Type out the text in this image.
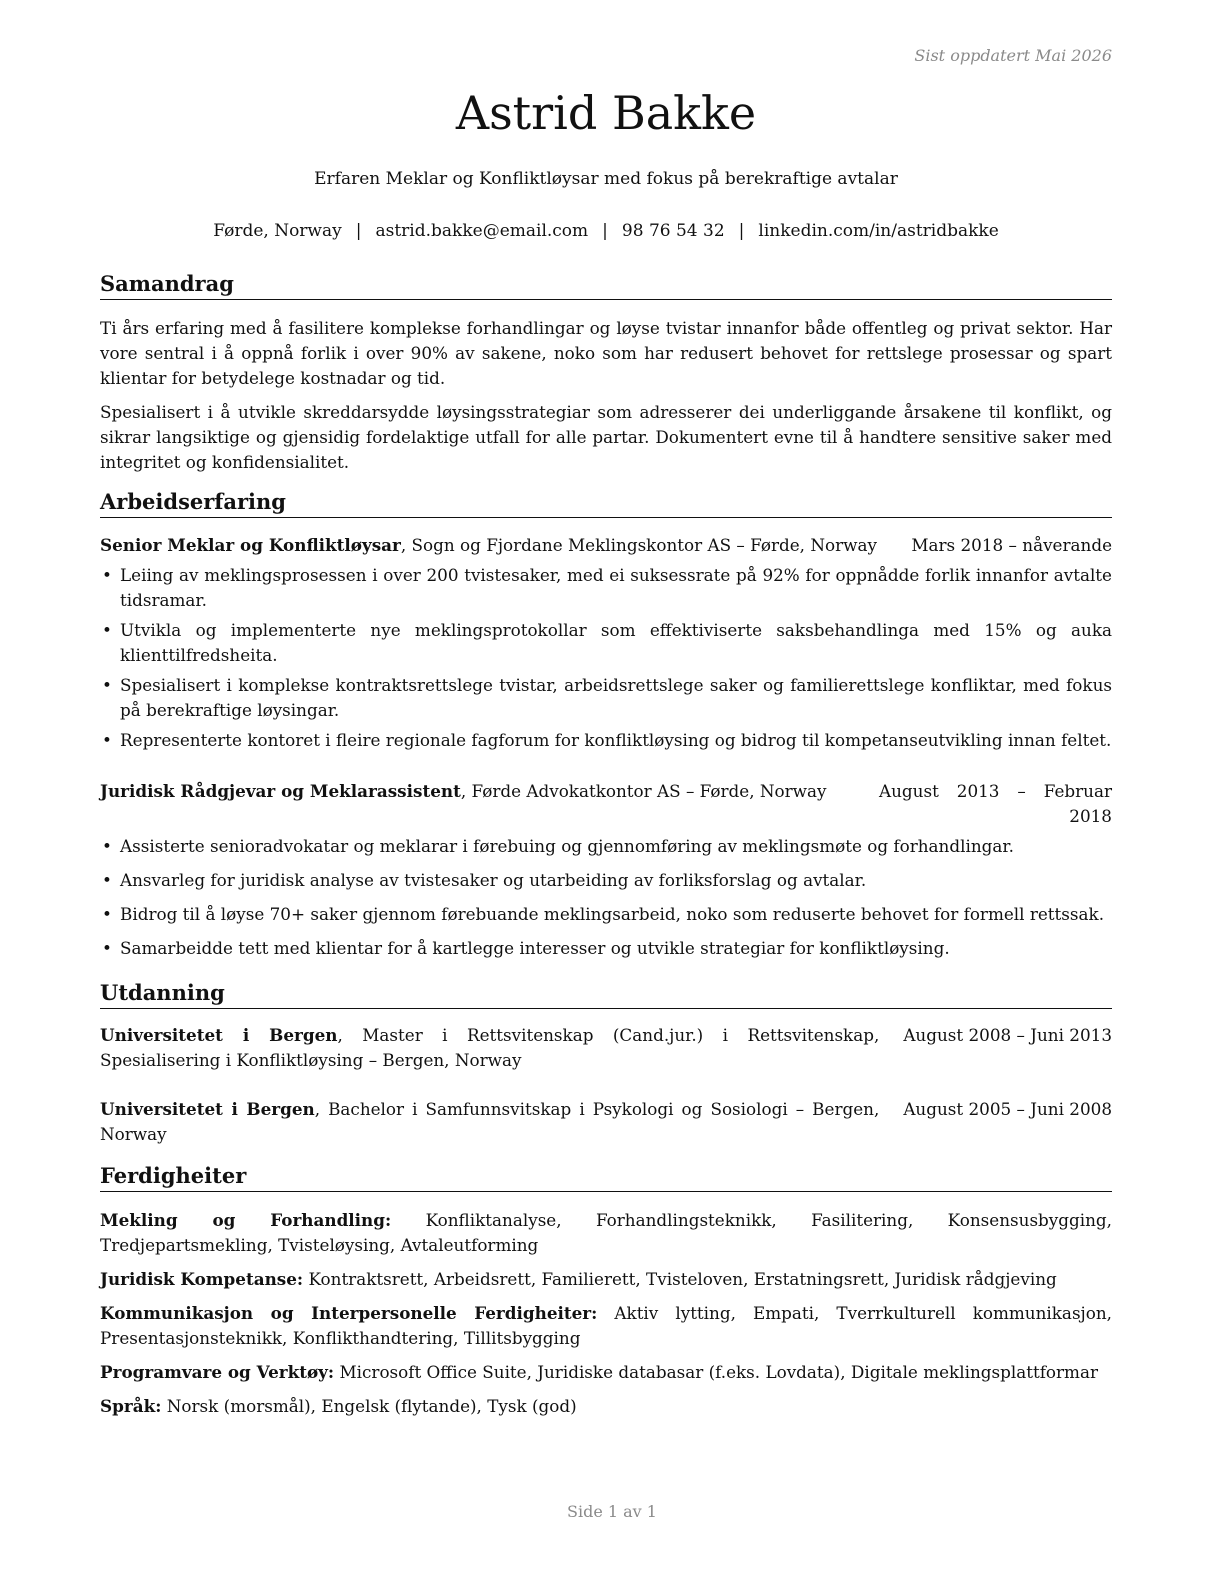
Sist oppdatert Mai 2026
Astrid Bakke
Erfaren Meklar og Konfliktløysar med fokus på berekraftige avtalar
Førde, Norway | astrid.bakke@email.com | 98 76 54 32 | linkedin.com/in/astridbakke
Samandrag

Ti års erfaring med å fasilitere komplekse forhandlingar og løyse tvistar innanfor både offentleg og privat sektor. Har vore sentral i å oppnå forlik i over 90% av sakene, noko som har redusert behovet for rettslege prosessar og spart klientar for betydelege kostnadar og tid.

Spesialisert i å utvikle skreddarsydde løysingsstrategiar som adresserer dei underliggande årsakene til konflikt, og sikrar langsiktige og gjensidig fordelaktige utfall for alle partar. Dokumentert evne til å handtere sensitive saker med integritet og konfidensialitet.

Arbeidserfaring
Senior Meklar og Konfliktløysar, Sogn og Fjordane Meklingskontor AS – Førde, Norway	Mars 2018 – nåverande
• Leiing av meklingsprosessen i over 200 tvistesaker, med ei suksessrate på 92% for oppnådde forlik innanfor avtalte tidsramar.
• Utvikla og implementerte nye meklingsprotokollar som effektiviserte saksbehandlinga med 15% og auka klienttilfredsheita.
• Spesialisert i komplekse kontraktsrettslege tvistar, arbeidsrettslege saker og familierettslege konfliktar, med fokus på berekraftige løysingar.
• Representerte kontoret i fleire regionale fagforum for konfliktløysing og bidrog til kompetanseutvikling innan feltet.
Juridisk Rådgjevar og Meklarassistent, Førde Advokatkontor AS – Førde, Norway	August 2013 – Februar 2018
• Assisterte senioradvokatar og meklarar i førebuing og gjennomføring av meklingsmøte og forhandlingar.
• Ansvarleg for juridisk analyse av tvistesaker og utarbeiding av forliksforslag og avtalar.
• Bidrog til å løyse 70+ saker gjennom førebuande meklingsarbeid, noko som reduserte behovet for formell rettssak.
• Samarbeidde tett med klientar for å kartlegge interesser og utvikle strategiar for konfliktløysing.
Utdanning
Universitetet i Bergen, Master i Rettsvitenskap (Cand.jur.) i Rettsvitenskap, Spesialisering i Konfliktløysing – Bergen, Norway
August 2008 – Juni 2013
Universitetet i Bergen, Bachelor i Samfunnsvitskap i Psykologi og Sosiologi – Bergen, Norway
August 2005 – Juni 2008
Ferdigheiter
Mekling og Forhandling: Konfliktanalyse, Forhandlingsteknikk, Fasilitering, Konsensusbygging, Tredjepartsmekling, Tvisteløysing, Avtaleutforming
Juridisk Kompetanse: Kontraktsrett, Arbeidsrett, Familierett, Tvisteloven, Erstatningsrett, Juridisk rådgjeving
Kommunikasjon og Interpersonelle Ferdigheiter: Aktiv lytting, Empati, Tverrkulturell kommunikasjon, Presentasjonsteknikk, Konflikthandtering, Tillitsbygging
Programvare og Verktøy: Microsoft Office Suite, Juridiske databasar (f.eks. Lovdata), Digitale meklingsplattformar
Språk: Norsk (morsmål), Engelsk (flytande), Tysk (god)
Side 1 av 1
